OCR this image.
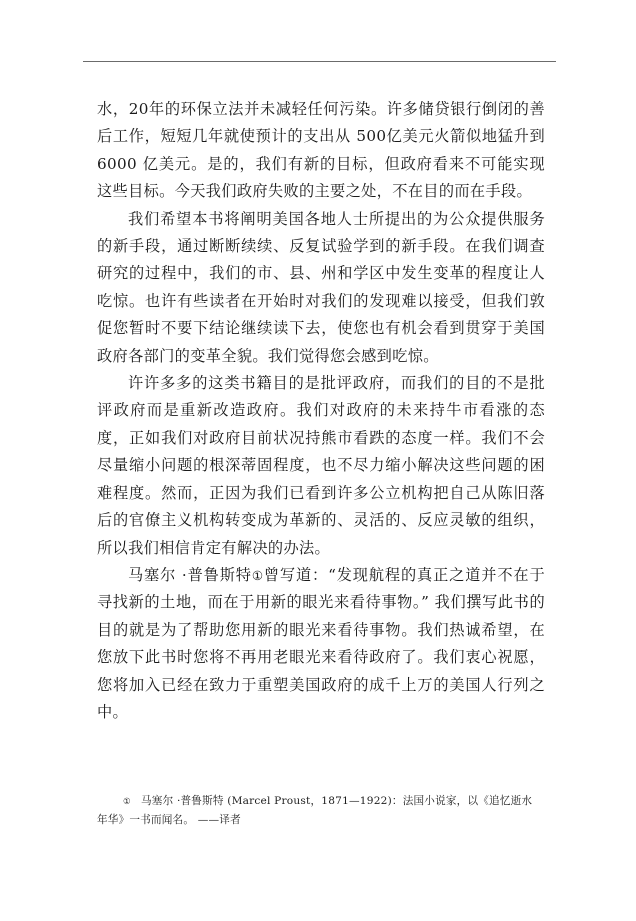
水，20年的环保立法并未减轻任何污染。许多储贷银行倒闭的善后工作，短短几年就使预计的支出从 500亿美元火箭似地猛升到 6000 亿美元。是的，我们有新的目标，但政府看来不可能实现这些目标。今天我们政府失败的主要之处，不在目的而在手段。

我们希望本书将阐明美国各地人士所提出的为公众提供服务的新手段，通过断断续续、反复试验学到的新手段。在我们调查研究的过程中，我们的市、县、州和学区中发生变革的程度让人吃惊。也许有些读者在开始时对我们的发现难以接受，但我们敦促您暂时不要下结论继续读下去，使您也有机会看到贯穿于美国政府各部门的变革全貌。我们觉得您会感到吃惊。

许许多多的这类书籍目的是批评政府，而我们的目的不是批评政府而是重新改造政府。我们对政府的未来持牛市看涨的态度，正如我们对政府目前状况持熊市看跌的态度一样。我们不会尽量缩小问题的根深蒂固程度，也不尽力缩小解决这些问题的困难程度。然而，正因为我们已看到许多公立机构把自己从陈旧落后的官僚主义机构转变成为革新的、灵活的、反应灵敏的组织，所以我们相信肯定有解决的办法。

马塞尔 ·普鲁斯特①曾写道：“发现航程的真正之道并不在于寻找新的土地，而在于用新的眼光来看待事物。” 我们撰写此书的目的就是为了帮助您用新的眼光来看待事物。我们热诚希望，在您放下此书时您将不再用老眼光来看待政府了。我们衷心祝愿，您将加入已经在致力于重塑美国政府的成千上万的美国人行列之中。

① 马塞尔 ·普鲁斯特 (Marcel Proust，1871—1922)：法国小说家，以《追忆逝水年华》一书而闻名。 ——译者
